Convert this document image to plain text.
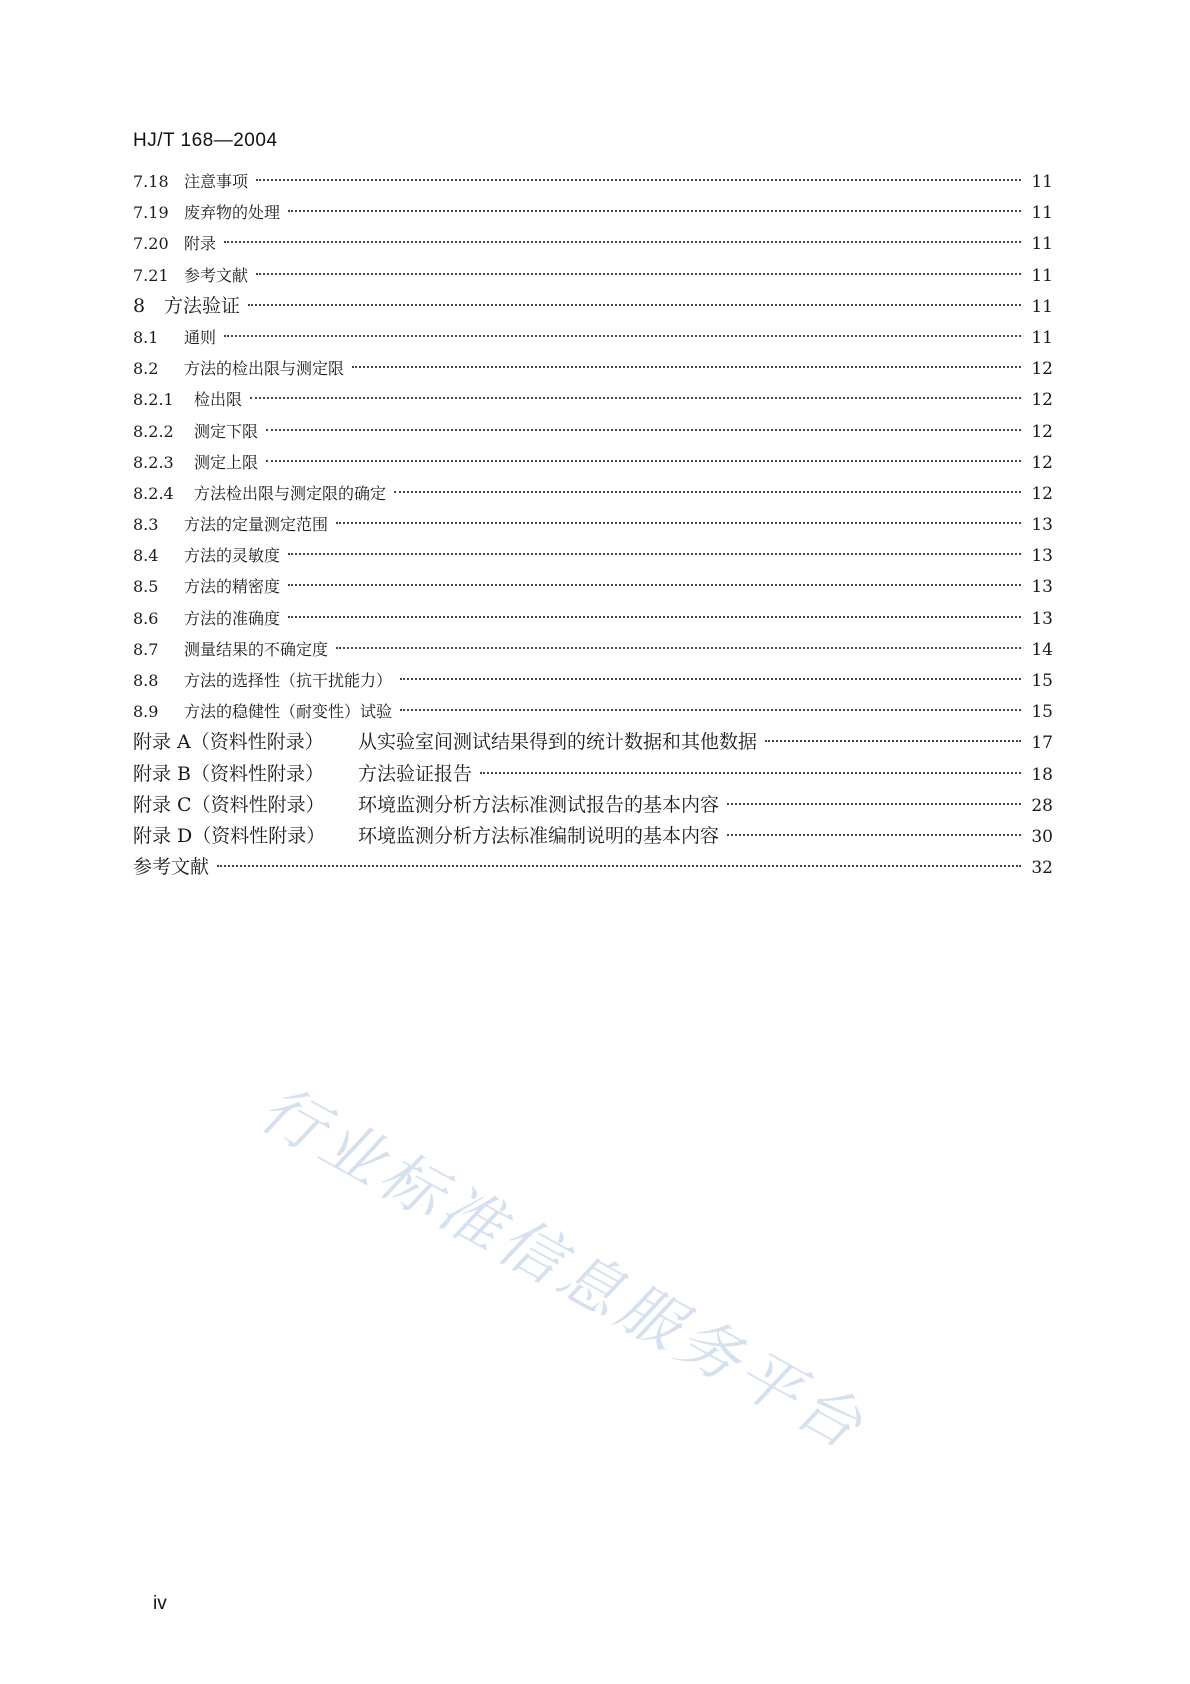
HJ/T 168—2004
7.18 注意事项	11
7.19 废弃物的处理	11
7.20 附录	11
7.21 参考文献	11
8 方法验证	11
8.1	通则	11
8.2	方法的检出限与测定限	12
8.2.1	检出限	12
8.2.2	测定下限	12
8.2.3	测定上限	12
8.2.4	方法检出限与测定限的确定	12
8.3	方法的定量测定范围	13
8.4	方法的灵敏度	13
8.5	方法的精密度	13
8.6	方法的准确度	13
8.7	测量结果的不确定度	14
8.8	方法的选择性（抗干扰能力）	15
8.9	方法的稳健性（耐变性）试验	15
附录 A（资料性附录）	从实验室间测试结果得到的统计数据和其他数据	17
附录 B（资料性附录）	方法验证报告	18
附录 C（资料性附录）	环境监测分析方法标准测试报告的基本内容	28
附录 D（资料性附录）	环境监测分析方法标准编制说明的基本内容	30
参考文献	32
行业标准信息服务平台
iv
